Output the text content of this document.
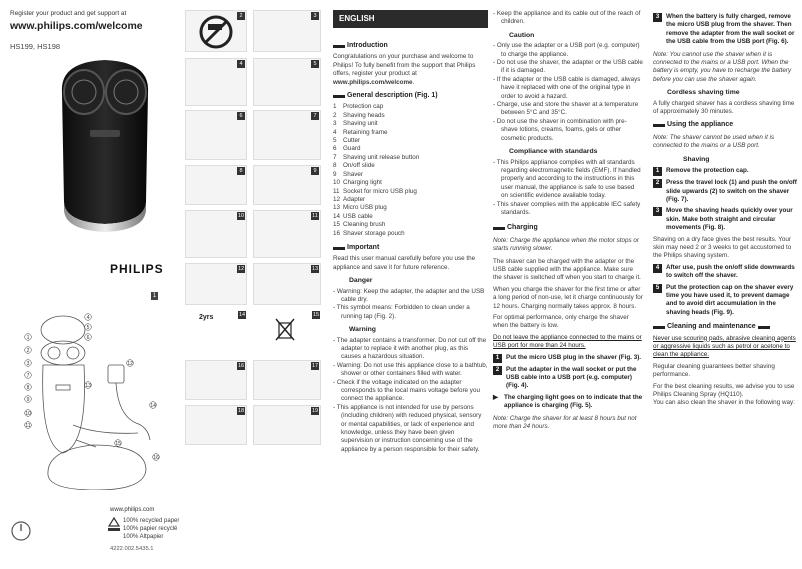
Register your product and get support at
www.philips.com/welcome
HS199, HS198
PHILIPS
1
1
2
3
4
5
6
7
8
9
10
11
12
13
14
15
16
www.philips.com
100% recycled paper
100% papier recyclé
100% Altpapier
4222.002.5435.1
2	3
4	5
6	7
8	9
10	11
12	13
14
2yrs	15
16	17
18	19
ENGLISH
Introduction

Congratulations on your purchase and welcome to Philips! To fully benefit from the support that Philips offers, register your product at www.philips.com/welcome.

General description (Fig. 1)
1	Protection cap
2	Shaving heads
3	Shaving unit
4	Retaining frame
5	Cutter
6	Guard
7	Shaving unit release button
8	On/off slide
9	Shaver
10 Charging light
11 Socket for micro USB plug
12 Adapter
13 Micro USB plug
14 USB cable
15 Cleaning brush
16 Shaver storage pouch
Important

Read this user manual carefully before you use the appliance and save it for future reference.

Danger
- Warning: Keep the adapter, the adapter and the USB cable dry.
- This symbol means: Forbidden to clean under a running tap (Fig. 2).
Warning
- The adapter contains a transformer. Do not cut off the adapter to replace it with another plug, as this causes a hazardous situation.
- Warning: Do not use this appliance close to a bathtub, shower or other containers filled with water.
- Check if the voltage indicated on the adapter corresponds to the local mains voltage before you connect the appliance.
- This appliance is not intended for use by persons (including children) with reduced physical, sensory or mental capabilities, or lack of experience and knowledge, unless they have been given supervision or instruction concerning use of the appliance by a person responsible for their safety.
- Keep the appliance and its cable out of the reach of children.
Caution
- Only use the adapter or a USB port (e.g. computer) to charge the appliance.
- Do not use the shaver, the adapter or the USB cable if it is damaged.
- If the adapter or the USB cable is damaged, always have it replaced with one of the original type in order to avoid a hazard.
- Charge, use and store the shaver at a temperature between 5°C and 35°C.
- Do not use the shaver in combination with pre-shave lotions, creams, foams, gels or other cosmetic products.
Compliance with standards
- This Philips appliance complies with all standards regarding electromagnetic fields (EMF). If handled properly and according to the instructions in this user manual, the appliance is safe to use based on scientific evidence available today.
- This shaver complies with the applicable IEC safety standards.
Charging

Note: Charge the appliance when the motor stops or starts running slower.

The shaver can be charged with the adapter or the USB cable supplied with the appliance. Make sure the shaver is switched off when you start to charge it.

When you charge the shaver for the first time or after a long period of non-use, let it charge continuously for 12 hours. Charging normally takes approx. 8 hours.

For optimal performance, only charge the shaver when the battery is low.

Do not leave the appliance connected to the mains or USB port for more than 24 hours.

1	Put the micro USB plug in the shaver (Fig. 3).
2	Put the adapter in the wall socket or put the USB cable into a USB port (e.g. computer) (Fig. 4).
▶ The charging light goes on to indicate that the appliance is charging (Fig. 5).

Note: Charge the shaver for at least 8 hours but not more than 24 hours.

3	When the battery is fully charged, remove the micro USB plug from the shaver. Then remove the adapter from the wall socket or the USB cable from the USB port (Fig. 6).

Note: You cannot use the shaver when it is connected to the mains or a USB port. When the battery is empty, you have to recharge the battery before you can use the shaver again.

Cordless shaving time

A fully charged shaver has a cordless shaving time of approximately 30 minutes.

Using the appliance

Note: The shaver cannot be used when it is connected to the mains or a USB port.

Shaving
1	Remove the protection cap.
2	Press the travel lock (1) and push the on/off slide upwards (2) to switch on the shaver (Fig. 7).
3	Move the shaving heads quickly over your skin. Make both straight and circular movements (Fig. 8).

Shaving on a dry face gives the best results. Your skin may need 2 or 3 weeks to get accustomed to the Philips shaving system.

4	After use, push the on/off slide downwards to switch off the shaver.
5	Put the protection cap on the shaver every time you have used it, to prevent damage and to avoid dirt accumulation in the shaving heads (Fig. 9).
Cleaning and maintenance

Never use scouring pads, abrasive cleaning agents or aggressive liquids such as petrol or acetone to clean the appliance.

Regular cleaning guarantees better shaving performance.

For the best cleaning results, we advise you to use Philips Cleaning Spray (HQ110).

You can also clean the shaver in the following way:
